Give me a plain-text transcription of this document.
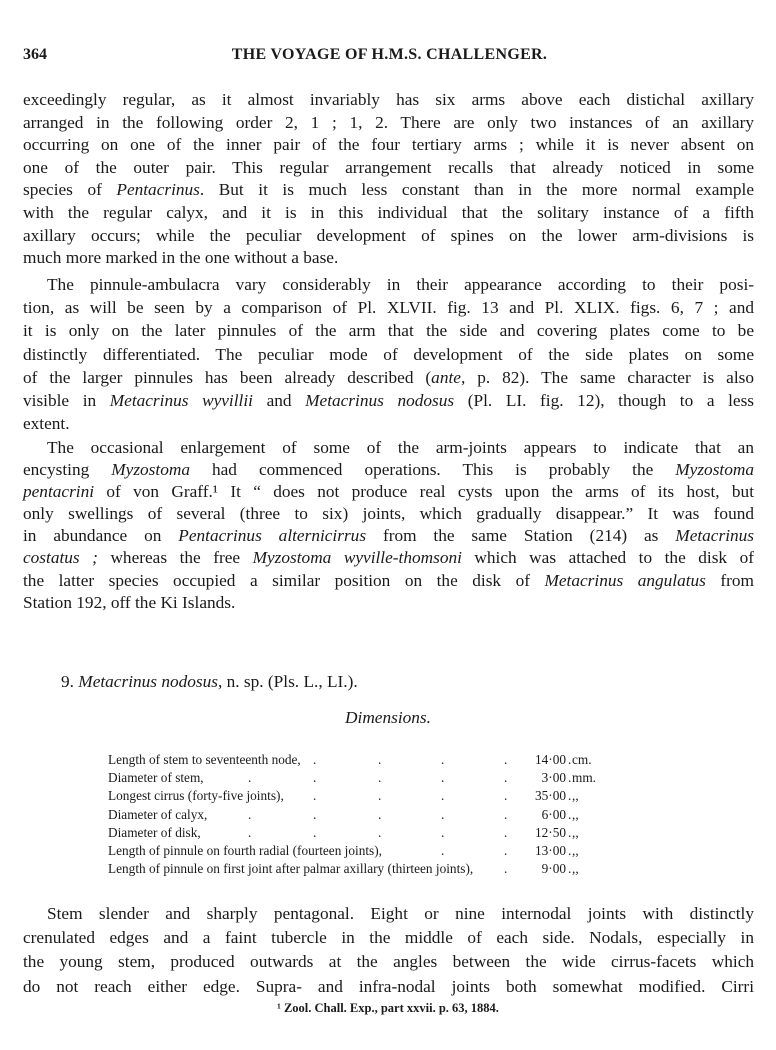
364	THE VOYAGE OF H.M.S. CHALLENGER.
exceedingly regular, as it almost invariably has six arms above each distichal axillary
arranged in the following order 2, 1 ; 1, 2. There are only two instances of an axillary
occurring on one of the inner pair of the four tertiary arms ; while it is never absent on
one of the outer pair. This regular arrangement recalls that already noticed in some
species of Pentacrinus. But it is much less constant than in the more normal example
with the regular calyx, and it is in this individual that the solitary instance of a fifth
axillary occurs; while the peculiar development of spines on the lower arm-divisions is
much more marked in the one without a base.
The pinnule-ambulacra vary considerably in their appearance according to their posi-
tion, as will be seen by a comparison of Pl. XLVII. fig. 13 and Pl. XLIX. figs. 6, 7 ; and
it is only on the later pinnules of the arm that the side and covering plates come to be
distinctly differentiated. The peculiar mode of development of the side plates on some
of the larger pinnules has been already described (ante, p. 82). The same character is also
visible in Metacrinus wyvillii and Metacrinus nodosus (Pl. LI. fig. 12), though to a less
extent.
The occasional enlargement of some of the arm-joints appears to indicate that an
encysting Myzostoma had commenced operations. This is probably the Myzostoma
pentacrini of von Graff.¹ It “ does not produce real cysts upon the arms of its host, but
only swellings of several (three to six) joints, which gradually disappear.” It was found
in abundance on Pentacrinus alternicirrus from the same Station (214) as Metacrinus
costatus ; whereas the free Myzostoma wyville-thomsoni which was attached to the disk of
the latter species occupied a similar position on the disk of Metacrinus angulatus from
Station 192, off the Ki Islands.
Stem slender and sharply pentagonal. Eight or nine internodal joints with distinctly
crenulated edges and a faint tubercle in the middle of each side. Nodals, especially in
the young stem, produced outwards at the angles between the wide cirrus-facets which
do not reach either edge. Supra- and infra-nodal joints both somewhat modified. Cirri
9. Metacrinus nodosus, n. sp. (Pls. L., LI.).
Dimensions.
.	.	.	.	.
Length of stem to seventeenth node,	14·00 cm.
.	.	.	.	.	.
Diameter of stem,	3·00 mm.
.	.	.	.	.
Longest cirrus (forty-five joints),	35·00 ,,
.	.	.	.	.	.
Diameter of calyx,	6·00 ,,
.	.	.	.	.	.
Diameter of disk,	12·50 ,,
.	.	.
Length of pinnule on fourth radial (fourteen joints),	13·00 ,,
.	.
Length of pinnule on first joint after palmar axillary (thirteen joints),	9·00 ,,
¹ Zool. Chall. Exp., part xxvii. p. 63, 1884.
